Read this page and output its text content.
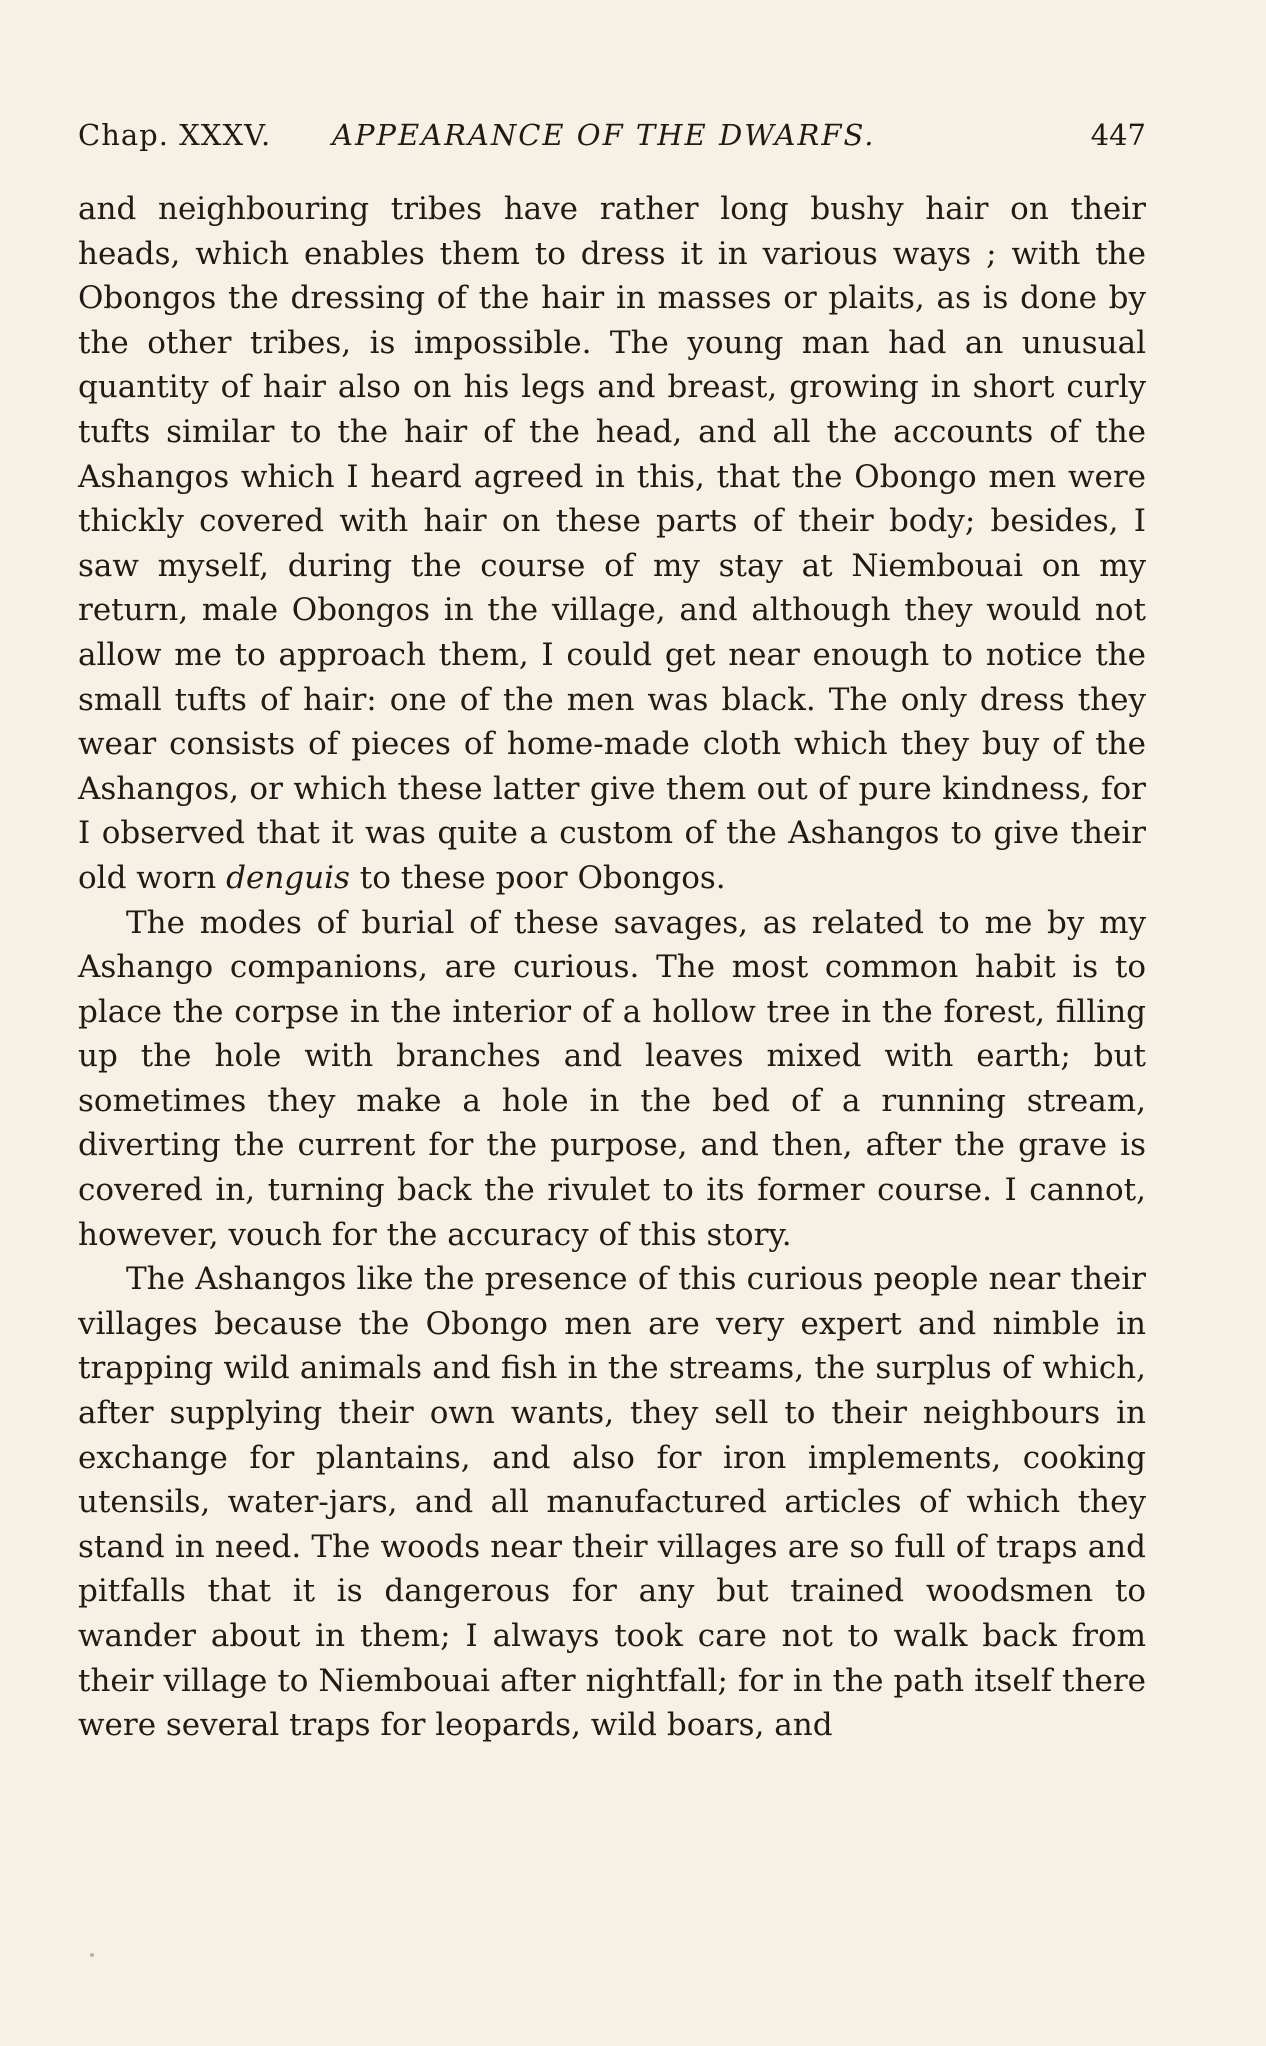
Chap. XXXV. APPEARANCE OF THE DWARFS.	447

and neighbouring tribes have rather long bushy hair on their heads, which enables them to dress it in various ways ; with the Obongos the dressing of the hair in masses or plaits, as is done by the other tribes, is impossible. The young man had an unusual quantity of hair also on his legs and breast, growing in short curly tufts similar to the hair of the head, and all the accounts of the Ashangos which I heard agreed in this, that the Obongo men were thickly covered with hair on these parts of their body; besides, I saw myself, during the course of my stay at Niembouai on my return, male Obongos in the village, and although they would not allow me to approach them, I could get near enough to notice the small tufts of hair: one of the men was black. The only dress they wear consists of pieces of home-made cloth which they buy of the Ashangos, or which these latter give them out of pure kindness, for I observed that it was quite a custom of the Ashangos to give their old worn denguis to these poor Obongos.

The modes of burial of these savages, as related to me by my Ashango companions, are curious. The most common habit is to place the corpse in the interior of a hollow tree in the forest, filling up the hole with branches and leaves mixed with earth; but sometimes they make a hole in the bed of a running stream, diverting the current for the purpose, and then, after the grave is covered in, turning back the rivulet to its former course. I cannot, however, vouch for the accuracy of this story.

The Ashangos like the presence of this curious people near their villages because the Obongo men are very expert and nimble in trapping wild animals and fish in the streams, the surplus of which, after supplying their own wants, they sell to their neighbours in exchange for plantains, and also for iron implements, cooking utensils, water-jars, and all manufactured articles of which they stand in need. The woods near their villages are so full of traps and pitfalls that it is dangerous for any but trained woodsmen to wander about in them; I always took care not to walk back from their village to Niembouai after nightfall; for in the path itself there were several traps for leopards, wild boars, and
